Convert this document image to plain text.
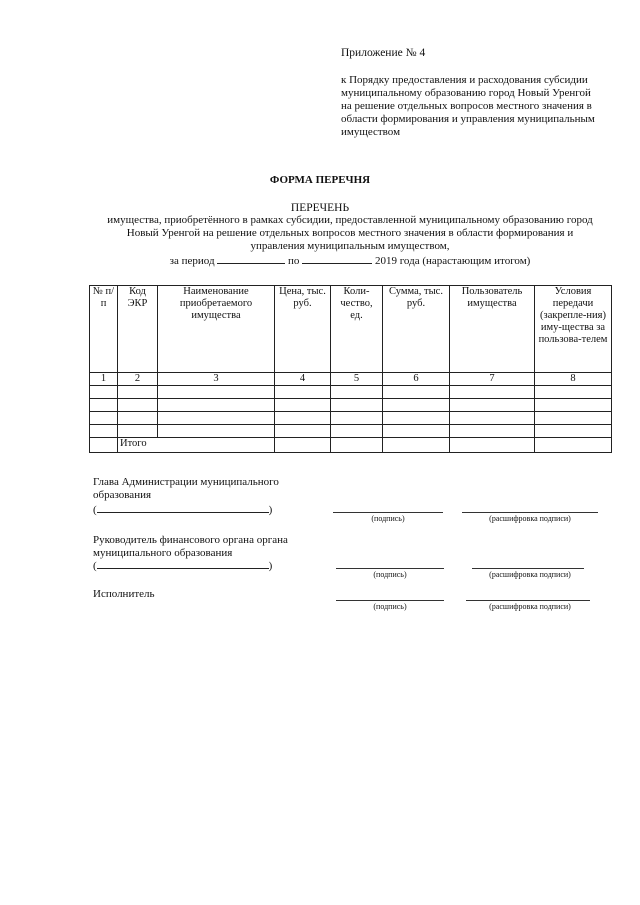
Приложение № 4
к Порядку предоставления и расходования субсидии муниципальному образованию город Новый Уренгой на решение отдельных вопросов местного значения в области формирования и управления муниципальным имуществом
ФОРМА ПЕРЕЧНЯ
ПЕРЕЧЕНЬ
имущества, приобретённого в рамках субсидии, предоставленной муниципальному образованию город Новый Уренгой на решение отдельных вопросов местного значения в области формирования и управления муниципальным имуществом,
за период	по	2019 года (нарастающим итогом)
№ п/п	Код ЭКР	Наименование приобретаемого имущества	Цена, тыс. руб.	Коли-чество, ед.	Сумма, тыс. руб.	Пользователь имущества	Условия передачи (закрепле-ния) иму-щества за пользова-телем
1	2	3	4	5	6	7	8

	Итого						
Глава Администрации муниципального образования
(	)
(подпись)	(расшифровка подписи)
Руководитель финансового органа органа муниципального образования
(	)
(подпись)	(расшифровка подписи)
Исполнитель
(подпись)	(расшифровка подписи)
